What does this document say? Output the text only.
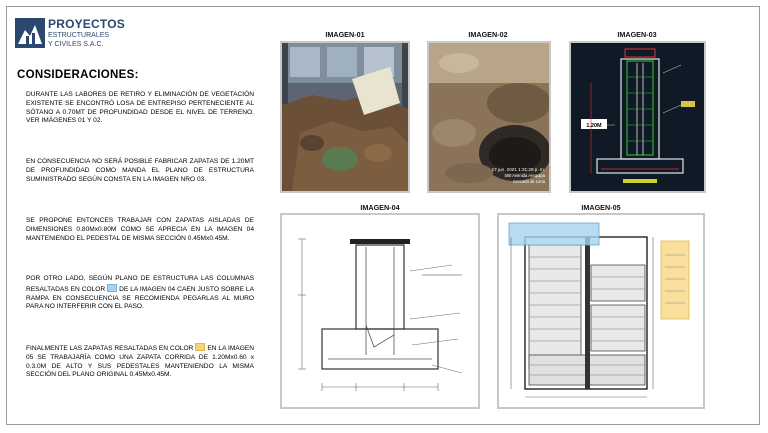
PROYECTOS
ESTRUCTURALES
Y CIVILES S.A.C.
CONSIDERACIONES:

DURANTE LAS LABORES DE RETIRO Y ELIMINACIÓN DE VEGETACIÓN EXISTENTE SE ENCONTRÓ LOSA DE ENTREPISO PERTENECIENTE AL SÓTANO A 0.70MT DE PROFUNDIDAD DESDE EL NIVEL DE TERRENO. VER IMÁGENES 01 Y 02.

EN CONSECUENCIA NO SERÁ POSIBLE FABRICAR ZAPATAS DE 1.20MT DE PROFUNDIDAD COMO MANDA EL PLANO DE ESTRUCTURA SUMINISTRADO SEGÚN CONSTA EN LA IMAGEN NRO 03.

SE PROPONE ENTONCES TRABAJAR CON ZAPATAS AISLADAS DE DIMENSIONES 0.80Mx0.80M COMO SE APRECIA EN LA IMAGEN 04 MANTENIENDO EL PEDESTAL DE MISMA SECCIÓN 0.45Mx0.45M.

POR OTRO LADO, SEGÚN PLANO DE ESTRUCTURA LAS COLUMNAS RESALTADAS EN COLOR DE LA IMAGEN 04 CAEN JUSTO SOBRE LA RAMPA EN CONSECUENCIA SE RECOMIENDA PEGARLAS AL MURO PARA NO INTERFERIR CON EL PASO.

FINALMENTE LAS ZAPATAS RESALTADAS EN COLOR EN LA IMAGEN 05 SE TRABAJARÍA COMO UNA ZAPATA CORRIDA DE 1.20Mx0.60 x 0.3.0M DE ALTO Y SUS PEDESTALES MANTENIENDO LA MISMA SECCIÓN DEL PLANO ORIGINAL 0.45Mx0.45M.

IMAGEN-01	IMAGEN-02
17 jun. 2021 1:31:29 p. m.
480 Avenida Arequipa
Cercado de Lima
IMAGEN-03
1.20M
IMAGEN-04	IMAGEN-05
